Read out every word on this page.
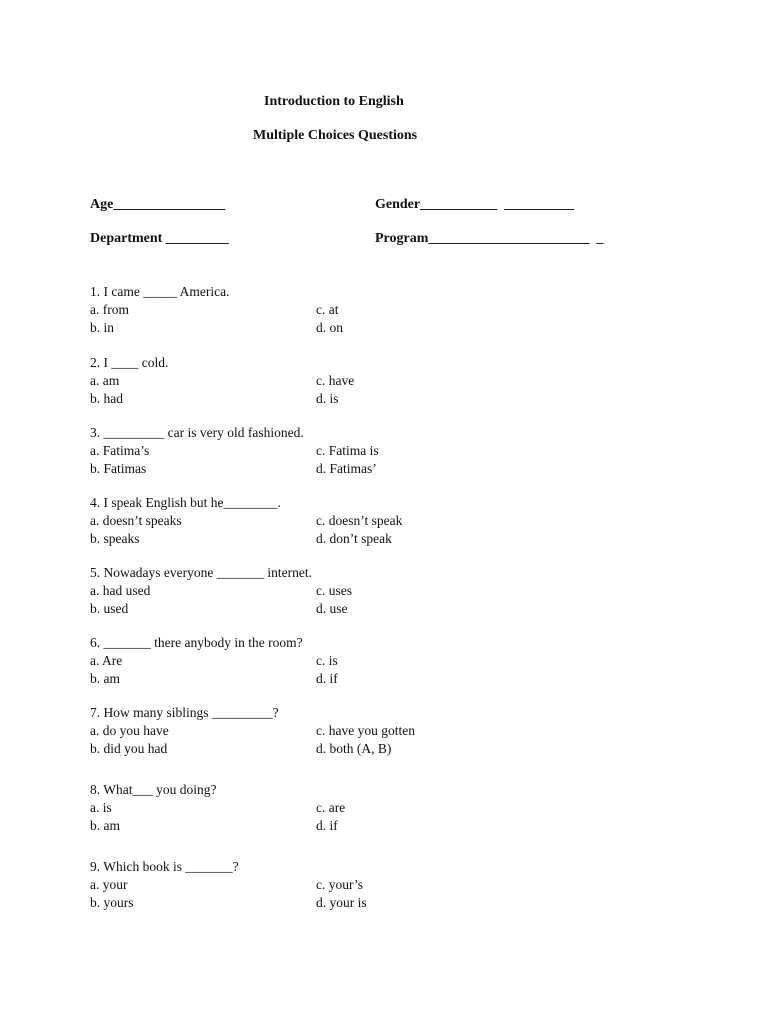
Introduction to English
Multiple Choices Questions
Age________________	Gender___________  __________
Department _________	Program_______________________  _
1. I came _____ America.
a. from	c. at
b. in	d. on
2. I ____ cold.
a. am	c. have
b. had	d. is
3. _________ car is very old fashioned.
a. Fatima’s	c. Fatima is
b. Fatimas	d. Fatimas’
4. I speak English but he________.
a. doesn’t speaks	c. doesn’t speak
b. speaks	d. don’t speak
5. Nowadays everyone _______ internet.
a. had used	c. uses
b. used	d. use
6. _______ there anybody in the room?
a. Are	c. is
b. am	d. if
7. How many siblings _________?
a. do you have	c. have you gotten
b. did you had	d. both (A, B)
8. What___ you doing?
a. is	c. are
b. am	d. if
9. Which book is _______?
a. your	c. your’s
b. yours	d. your is
